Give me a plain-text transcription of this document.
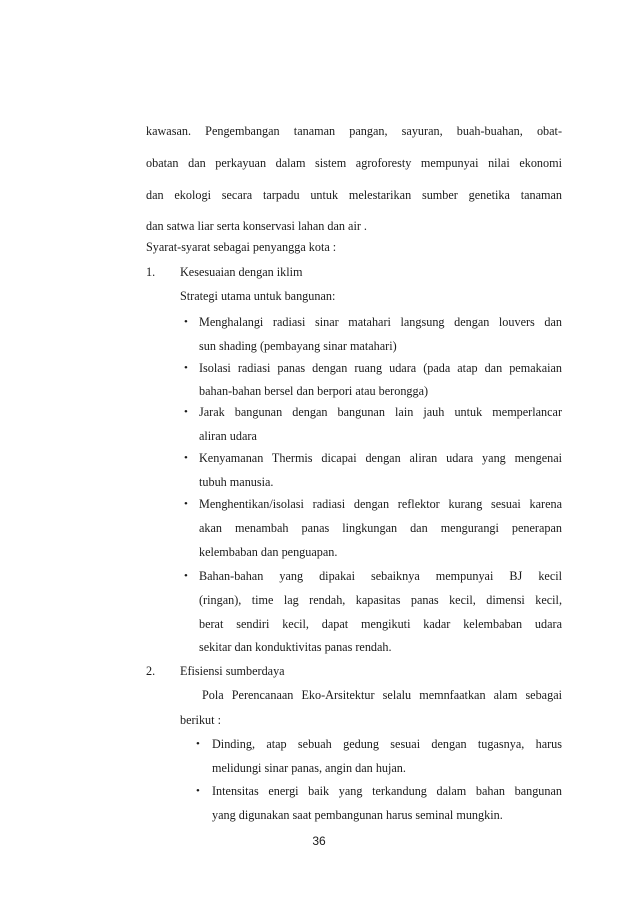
kawasan. Pengembangan tanaman pangan, sayuran, buah-buahan, obat-
obatan dan perkayuan dalam sistem agroforesty mempunyai nilai ekonomi
dan ekologi secara tarpadu untuk melestarikan sumber genetika tanaman
dan satwa liar serta konservasi lahan dan air .
Syarat-syarat sebagai penyangga kota :
1. Kesesuaian dengan iklim
Strategi utama untuk bangunan:
• Menghalangi radiasi sinar matahari langsung dengan louvers dan
sun shading (pembayang sinar matahari)
• Isolasi radiasi panas dengan ruang udara (pada atap dan pemakaian
bahan-bahan bersel dan berpori atau berongga)
• Jarak bangunan dengan bangunan lain jauh untuk memperlancar
aliran udara
• Kenyamanan Thermis dicapai dengan aliran udara yang mengenai
tubuh manusia.
• Menghentikan/isolasi radiasi dengan reflektor kurang sesuai karena
akan menambah panas lingkungan dan mengurangi penerapan
kelembaban dan penguapan.
• Bahan-bahan yang dipakai sebaiknya mempunyai BJ kecil
(ringan), time lag rendah, kapasitas panas kecil, dimensi kecil,
berat sendiri kecil, dapat mengikuti kadar kelembaban udara
sekitar dan konduktivitas panas rendah.
2. Efisiensi sumberdaya
Pola Perencanaan Eko-Arsitektur selalu memnfaatkan alam sebagai
berikut :
• Dinding, atap sebuah gedung sesuai dengan tugasnya, harus
melidungi sinar panas, angin dan hujan.
• Intensitas energi baik yang terkandung dalam bahan bangunan
yang digunakan saat pembangunan harus seminal mungkin.
36
